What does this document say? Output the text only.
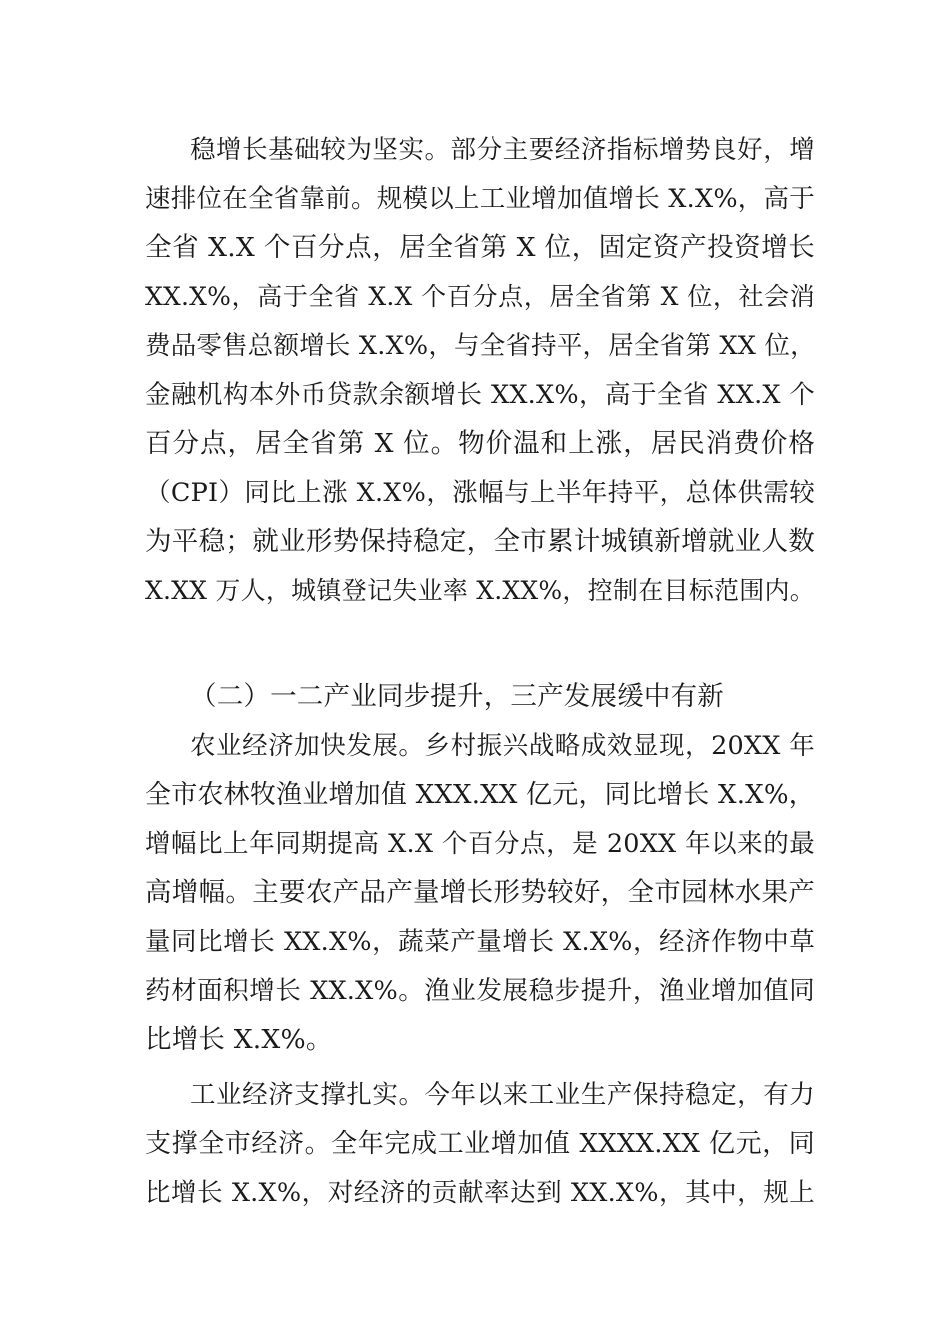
稳增长基础较为坚实。部分主要经济指标增势良好，增
速排位在全省靠前。规模以上工业增加值增长 X.X%，高于
全省 X.X 个百分点，居全省第 X 位，固定资产投资增长
XX.X%，高于全省 X.X 个百分点，居全省第 X 位，社会消
费品零售总额增长 X.X%，与全省持平，居全省第 XX 位，
金融机构本外币贷款余额增长 XX.X%，高于全省 XX.X 个
百分点，居全省第 X 位。物价温和上涨，居民消费价格
（CPI）同比上涨 X.X%，涨幅与上半年持平，总体供需较
为平稳；就业形势保持稳定，全市累计城镇新增就业人数
X.XX 万人，城镇登记失业率 X.XX%，控制在目标范围内。
（二）一二产业同步提升，三产发展缓中有新
农业经济加快发展。乡村振兴战略成效显现，20XX 年
全市农林牧渔业增加值 XXX.XX 亿元，同比增长 X.X%，
增幅比上年同期提高 X.X 个百分点，是 20XX 年以来的最
高增幅。主要农产品产量增长形势较好，全市园林水果产
量同比增长 XX.X%，蔬菜产量增长 X.X%，经济作物中草
药材面积增长 XX.X%。渔业发展稳步提升，渔业增加值同
比增长 X.X%。
工业经济支撑扎实。今年以来工业生产保持稳定，有力
支撑全市经济。全年完成工业增加值 XXXX.XX 亿元，同
比增长 X.X%，对经济的贡献率达到 XX.X%，其中，规上
